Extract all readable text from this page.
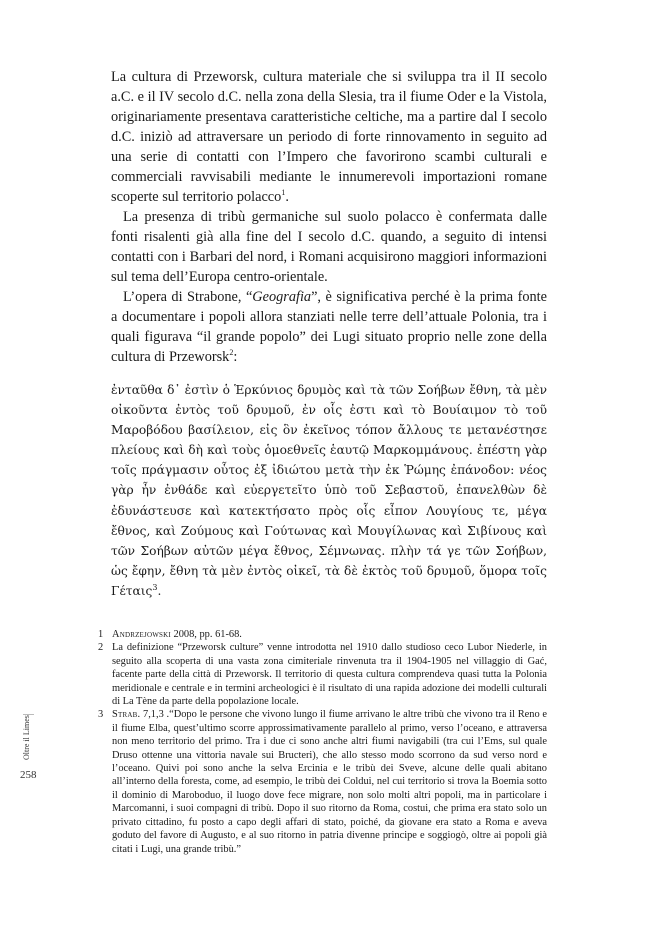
La cultura di Przeworsk, cultura materiale che si sviluppa tra il II secolo a.C. e il IV secolo d.C. nella zona della Slesia, tra il fiume Oder e la Vistola, originariamente presentava caratteristiche celtiche, ma a partire dal I secolo d.C. iniziò ad attraversare un periodo di forte rinnovamento in seguito ad una serie di contatti con l’Impero che favorirono scambi culturali e commerciali ravvisabili mediante le innumerevoli importazioni romane scoperte sul territorio polacco$^1$.

La presenza di tribù germaniche sul suolo polacco è confermata dalle fonti risalenti già alla fine del I secolo d.C. quando, a seguito di intensi contatti con i Barbari del nord, i Romani acquisirono maggiori informazioni sul tema dell’Europa centro-orientale.

L’opera di Strabone, “Geografia”, è significativa perché è la prima fonte a documentare i popoli allora stanziati nelle terre dell’attuale Polonia, tra i quali figurava “il grande popolo” dei Lugi situato proprio nelle zone della cultura di Przeworsk$^2$:

ἐνταῦθα δ᾽ ἐστὶν ὁ Ἑρκύνιος δρυμὸς καὶ τὰ τῶν Σοήβων ἔθνη, τὰ μὲν οἰκοῦντα ἐντὸς τοῦ δρυμοῦ, ἐν οἷς ἐστι καὶ τὸ Βουίαιμον τὸ τοῦ Μαροβόδου βασίλειον, εἰς ὃν ἐκεῖνος τόπον ἄλλους τε μετανέστησε πλείους καὶ δὴ καὶ τοὺς ὁμοεθνεῖς ἑαυτῷ Μαρκομμάνους. ἐπέστη γὰρ τοῖς πράγμασιν οὗτος ἐξ ἰδιώτου μετὰ τὴν ἐκ Ῥώμης ἐπάνοδον: νέος γὰρ ἦν ἐνθάδε καὶ εὐεργετεῖτο ὑπὸ τοῦ Σεβαστοῦ, ἐπανελθὼν δὲ ἐδυνάστευσε καὶ κατεκτήσατο πρὸς οἷς εἶπον Λουγίους τε, μέγα ἔθνος, καὶ Ζούμους καὶ Γούτωνας καὶ Μουγίλωνας καὶ Σιβίνους καὶ τῶν Σοήβων αὐτῶν μέγα ἔθνος, Σέμνωνας. πλὴν τά γε τῶν Σοήβων, ὡς ἔφην, ἔθνη τὰ μὲν ἐντὸς οἰκεῖ, τὰ δὲ ἐκτὸς τοῦ δρυμοῦ, ὅμορα τοῖς Γέταις$^3$.

1 Andrzejowski 2008, pp. 61-68.
2 La definizione “Przeworsk culture” venne introdotta nel 1910 dallo studioso ceco Lubor Niederle, in seguito alla scoperta di una vasta zona cimiteriale rinvenuta tra il 1904-1905 nel villaggio di Gać, facente parte della città di Przeworsk. Il territorio di questa cultura comprendeva quasi tutta la Polonia meridionale e centrale e in termini archeologici è il risultato di una rapida adozione dei modelli culturali di La Tène da parte della popolazione locale.
3 Strab. 7,1,3 .“Dopo le persone che vivono lungo il fiume arrivano le altre tribù che vivono tra il Reno e il fiume Elba, quest’ultimo scorre approssimativamente parallelo al primo, verso l’oceano, e attraversa non meno territorio del primo. Tra i due ci sono anche altri fiumi navigabili (tra cui l’Ems, sul quale Druso ottenne una vittoria navale sui Bructeri), che allo stesso modo scorrono da sud verso nord e l’oceano. Quivi poi sono anche la selva Ercinia e le tribù dei Sveve, alcune delle quali abitano all’interno della foresta, come, ad esempio, le tribù dei Coldui, nel cui territorio si trova la Boemia sotto il dominio di Maroboduo, il luogo dove fece migrare, non solo molti altri popoli, ma in particolare i Marcomanni, i suoi compagni di tribù. Dopo il suo ritorno da Roma, costui, che prima era stato solo un privato cittadino, fu posto a capo degli affari di stato, poiché, da giovane era stato a Roma e aveva goduto del favore di Augusto, e al suo ritorno in patria divenne principe e soggiogò, oltre ai popoli già citati i Lugi, una grande tribù.”
Oltre il Limes
258
